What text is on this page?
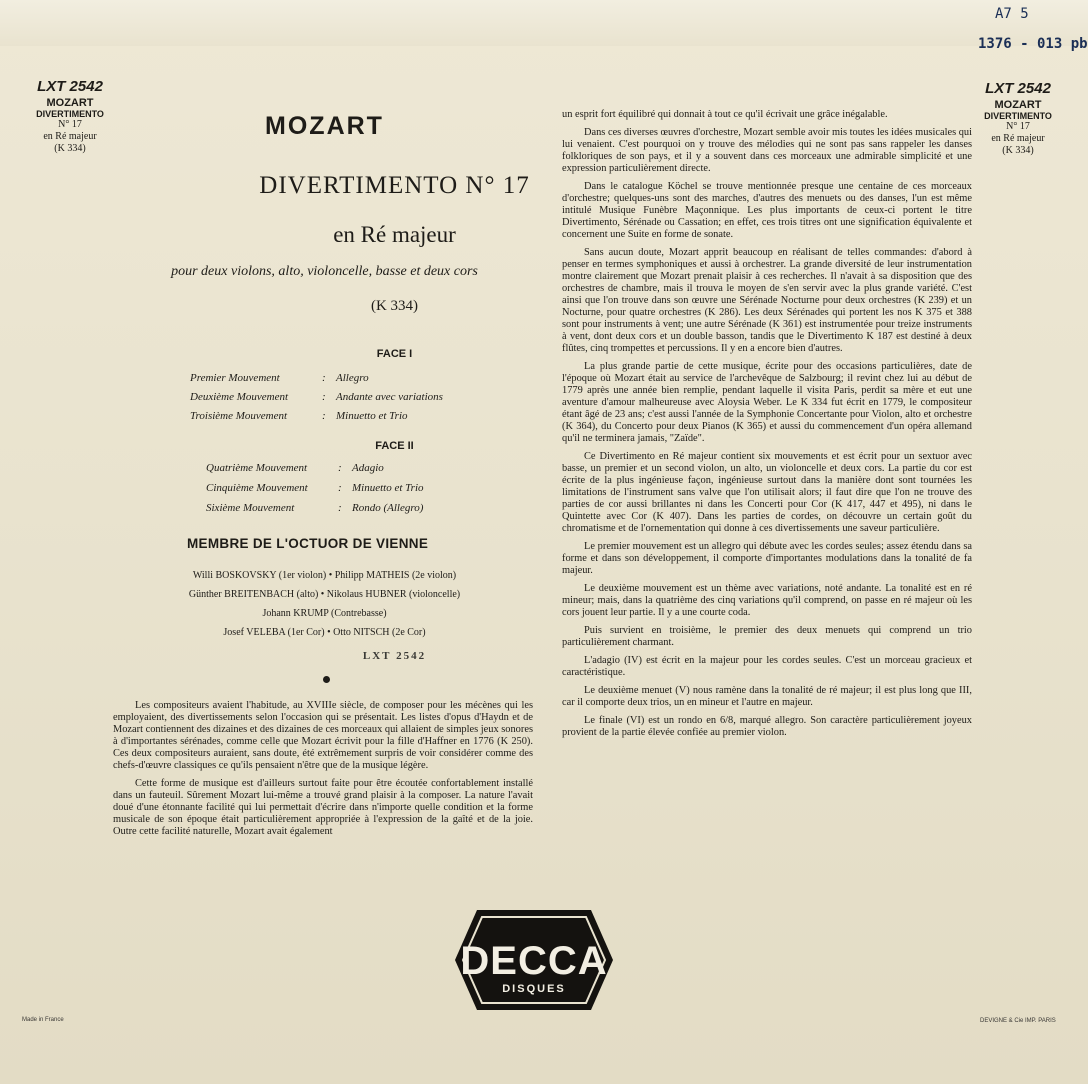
LXT 2542
MOZART
DIVERTIMENTO
N° 17
en Ré majeur
(K 334)
LXT 2542
MOZART
DIVERTIMENTO
N° 17
en Ré majeur
(K 334)
A7 5
1376 - 013 pb
MOZART
DIVERTIMENTO N° 17
en Ré majeur
pour deux violons, alto, violoncelle, basse et deux cors
(K 334)
FACE I
Premier Mouvement	: Allegro
Deuxième Mouvement	: Andante avec variations
Troisième Mouvement	: Minuetto et Trio
FACE II
Quatrième Mouvement	: Adagio
Cinquième Mouvement	: Minuetto et Trio
Sixième Mouvement	: Rondo (Allegro)
MEMBRE DE L'OCTUOR DE VIENNE
Willi BOSKOVSKY (1er violon) • Philipp MATHEIS (2e violon)
Günther BREITENBACH (alto) • Nikolaus HUBNER (violoncelle)
Johann KRUMP (Contrebasse)
Josef VELEBA (1er Cor) • Otto NITSCH (2e Cor)
LXT 2542

Les compositeurs avaient l'habitude, au XVIIIe siècle, de composer pour les mécènes qui les employaient, des divertissements selon l'occasion qui se présentait. Les listes d'opus d'Haydn et de Mozart contiennent des dizaines et des dizaines de ces morceaux qui allaient de simples jeux sonores à d'importantes sérénades, comme celle que Mozart écrivit pour la fille d'Haffner en 1776 (K 250). Ces deux compositeurs auraient, sans doute, été extrêmement surpris de voir considérer comme des chefs-d'œuvre classiques ce qu'ils pensaient n'être que de la musique légère.

Cette forme de musique est d'ailleurs surtout faite pour être écoutée confortablement installé dans un fauteuil. Sûrement Mozart lui-même a trouvé grand plaisir à la composer. La nature l'avait doué d'une étonnante facilité qui lui permettait d'écrire dans n'importe quelle condition et la forme musicale de son époque était particulièrement appropriée à l'expression de la gaîté et de la joie. Outre cette facilité naturelle, Mozart avait également

un esprit fort équilibré qui donnait à tout ce qu'il écrivait une grâce inégalable.

Dans ces diverses œuvres d'orchestre, Mozart semble avoir mis toutes les idées musicales qui lui venaient. C'est pourquoi on y trouve des mélodies qui ne sont pas sans rappeler les danses folkloriques de son pays, et il y a souvent dans ces morceaux une admirable simplicité et une expression particulièrement directe.

Dans le catalogue Köchel se trouve mentionnée presque une centaine de ces morceaux d'orchestre; quelques-uns sont des marches, d'autres des menuets ou des danses, l'un est même intitulé Musique Funèbre Maçonnique. Les plus importants de ceux-ci portent le titre Divertimento, Sérénade ou Cassation; en effet, ces trois titres ont une signification équivalente et concernent une Suite en forme de sonate.

Sans aucun doute, Mozart apprit beaucoup en réalisant de telles commandes: d'abord à penser en termes symphoniques et aussi à orchestrer. La grande diversité de leur instrumentation montre clairement que Mozart prenait plaisir à ces recherches. Il n'avait à sa disposition que des orchestres de chambre, mais il trouva le moyen de s'en servir avec la plus grande variété. C'est ainsi que l'on trouve dans son œuvre une Sérénade Nocturne pour deux orchestres (K 239) et un Nocturne, pour quatre orchestres (K 286). Les deux Sérénades qui portent les nos K 375 et 388 sont pour instruments à vent; une autre Sérénade (K 361) est instrumentée pour treize instruments à vent, dont deux cors et un double basson, tandis que le Divertimento K 187 est destiné à deux flûtes, cinq trompettes et percussions. Il y en a encore bien d'autres.

La plus grande partie de cette musique, écrite pour des occasions particulières, date de l'époque où Mozart était au service de l'archevêque de Salzbourg; il revint chez lui au début de 1779 après une année bien remplie, pendant laquelle il visita Paris, perdit sa mère et eut une aventure d'amour malheureuse avec Aloysia Weber. Le K 334 fut écrit en 1779, le compositeur étant âgé de 23 ans; c'est aussi l'année de la Symphonie Concertante pour Violon, alto et orchestre (K 364), du Concerto pour deux Pianos (K 365) et aussi du commencement d'un opéra allemand qu'il ne terminera jamais, "Zaïde".

Ce Divertimento en Ré majeur contient six mouvements et est écrit pour un sextuor avec basse, un premier et un second violon, un alto, un violoncelle et deux cors. La partie du cor est écrite de la plus ingénieuse façon, ingénieuse surtout dans la manière dont sont tournées les limitations de l'instrument sans valve que l'on utilisait alors; il faut dire que l'on ne trouve des parties de cor aussi brillantes ni dans les Concerti pour Cor (K 417, 447 et 495), ni dans le Quintette avec Cor (K 407). Dans les parties de cordes, on découvre un certain goût du chromatisme et de l'ornementation qui donne à ces divertissements une saveur particulière.

Le premier mouvement est un allegro qui débute avec les cordes seules; assez étendu dans sa forme et dans son développement, il comporte d'importantes modulations dans la tonalité de fa majeur.

Le deuxième mouvement est un thème avec variations, noté andante. La tonalité est en ré mineur; mais, dans la quatrième des cinq variations qu'il comprend, on passe en ré majeur où les cors jouent leur partie. Il y a une courte coda.

Puis survient en troisième, le premier des deux menuets qui comprend un trio particulièrement charmant.

L'adagio (IV) est écrit en la majeur pour les cordes seules. C'est un morceau gracieux et caractéristique.

Le deuxième menuet (V) nous ramène dans la tonalité de ré majeur; il est plus long que III, car il comporte deux trios, un en mineur et l'autre en majeur.

Le finale (VI) est un rondo en 6/8, marqué allegro. Son caractère particulièrement joyeux provient de la partie élevée confiée au premier violon.

DECCA
DISQUES
Made in France	DEVIGNE & Cie IMP. PARIS
